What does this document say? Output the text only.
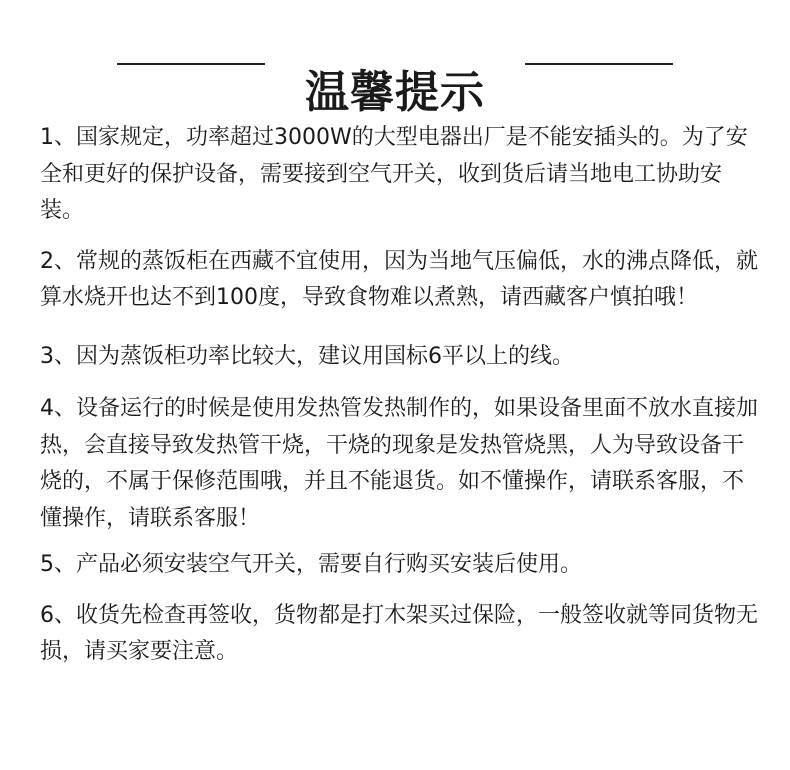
温馨提示
1、国家规定，功率超过3000W的大型电器出厂是不能安插头的。为了安全和更好的保护设备，需要接到空气开关，收到货后请当地电工协助安装。
2、常规的蒸饭柜在西藏不宜使用，因为当地气压偏低，水的沸点降低，就算水烧开也达不到100度，导致食物难以煮熟，请西藏客户慎拍哦！
3、因为蒸饭柜功率比较大，建议用国标6平以上的线。
4、设备运行的时候是使用发热管发热制作的，如果设备里面不放水直接加热，会直接导致发热管干烧，干烧的现象是发热管烧黑，人为导致设备干烧的，不属于保修范围哦，并且不能退货。如不懂操作，请联系客服，不懂操作，请联系客服！
5、产品必须安装空气开关，需要自行购买安装后使用。
6、收货先检查再签收，货物都是打木架买过保险，一般签收就等同货物无损，请买家要注意。
